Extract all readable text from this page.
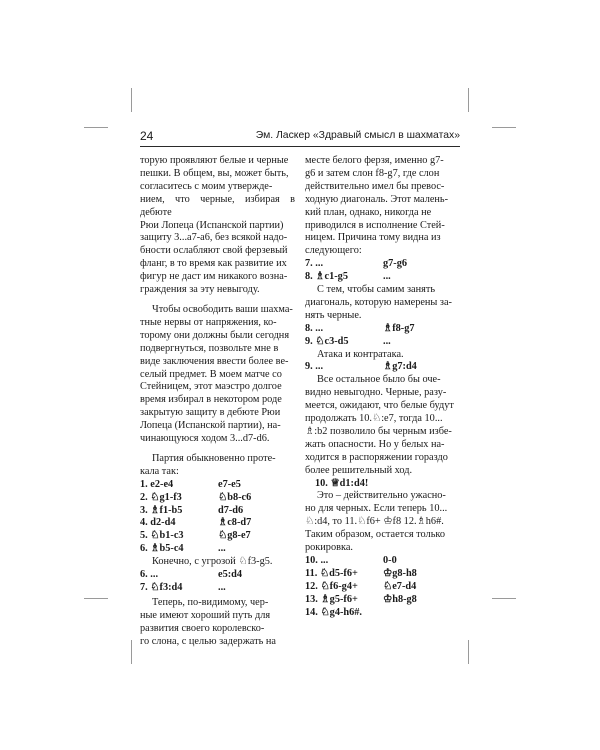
24	Эм. Ласкер «Здравый смысл в шахматах»
торую проявляют белые и черные
пешки. В общем, вы, может быть,
согласитесь с моим утвержде-
нием, что черные, избирая в дебюте
Рюи Лопеца (Испанской партии)
защиту 3...a7-a6, без всякой надо-
бности ослабляют свой ферзевый
фланг, в то время как развитие их
фигур не даст им никакого возна-
граждения за эту невыгоду.
Чтобы освободить ваши шахма-
тные нервы от напряжения, ко-
торому они должны были сегодня
подвергнуться, позвольте мне в
виде заключения ввести более ве-
селый предмет. В моем матче со
Стейницем, этот маэстро долгое
время избирал в некотором роде
закрытую защиту в дебюте Рюи
Лопеца (Испанской партии), на-
чинающуюся ходом 3...d7-d6.
Партия обыкновенно проте-
кала так:
1. e2-e4	e7-e5
2. ♘g1-f3	♘b8-c6
3. ♗f1-b5	d7-d6
4. d2-d4	♗c8-d7
5. ♘b1-c3	♘g8-e7
6. ♗b5-c4	...
Конечно, с угрозой ♘f3-g5.
6. ...	e5:d4
7. ♘f3:d4	...
Теперь, по-видимому, чер-
ные имеют хороший путь для
развития своего королевско-
го слона, с целью задержать на
месте белого ферзя, именно g7-
g6 и затем слон f8-g7, где слон
действительно имел бы превос-
ходную диагональ. Этот малень-
кий план, однако, никогда не
приводился в исполнение Стей-
ницем. Причина тому видна из
следующего:
7. ...	g7-g6
8. ♗c1-g5	...
С тем, чтобы самим занять
диагональ, которую намерены за-
нять черные.
8. ...	♗f8-g7
9. ♘c3-d5	...
Атака и контратака.
9. ...	♗g7:d4
Все остальное было бы оче-
видно невыгодно. Черные, разу-
меется, ожидают, что белые будут
продолжать 10.♘:e7, тогда 10...
♗:b2 позволило бы черным избе-
жать опасности. Но у белых на-
ходится в распоряжении гораздо
более решительный ход.
10. ♕d1:d4!
Это – действительно ужасно-
но для черных. Если теперь 10...
♘:d4, то 11.♘f6+ ♔f8 12.♗h6#.
Таким образом, остается только
рокировка.
10. ...	0-0
11. ♘d5-f6+	♔g8-h8
12. ♘f6-g4+	♘e7-d4
13. ♗g5-f6+	♔h8-g8
14. ♘g4-h6#.
